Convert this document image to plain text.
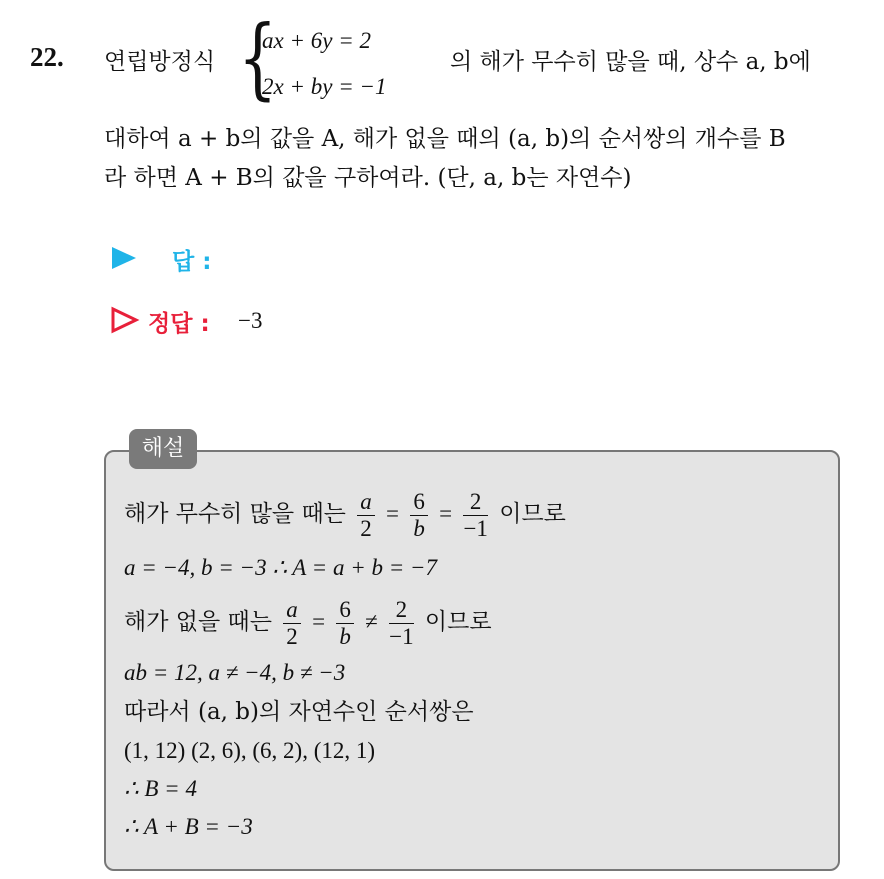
22. 연립방정식 {
ax + 6y = 2
2x + by = −1
의 해가 무수히 많을 때, 상수 a, b에
대하여 a + b의 값을 A, 해가 없을 때의 (a, b)의 순서쌍의 개수를 B
라 하면 A + B의 값을 구하여라. (단, a, b는 자연수)
답 :
정답 : −3
해설
해가 무수히 많을 때는 $\frac{a}{2} = \frac{6}{b} = \frac{2}{-1}$ 이므로
a = −4, b = −3 ∴ A = a + b = −7
해가 없을 때는 $\frac{a}{2} = \frac{6}{b} \ne \frac{2}{-1}$ 이므로
ab = 12, a ≠ −4, b ≠ −3
따라서 (a, b)의 자연수인 순서쌍은
(1, 12) (2, 6), (6, 2), (12, 1)
∴ B = 4
∴ A + B = −3
